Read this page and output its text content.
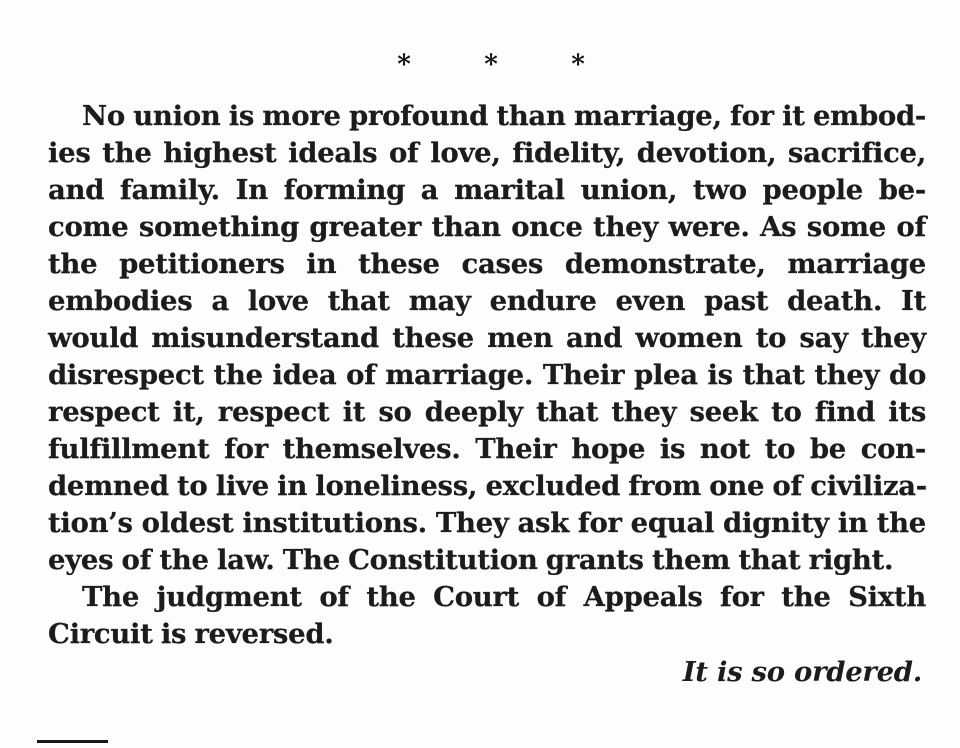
*	*	*
No union is more profound than marriage, for it embod-
ies the highest ideals of love, fidelity, devotion, sacrifice,
and family. In forming a marital union, two people be-
come something greater than once they were. As some of
the petitioners in these cases demonstrate, marriage
embodies a love that may endure even past death. It
would misunderstand these men and women to say they
disrespect the idea of marriage. Their plea is that they do
respect it, respect it so deeply that they seek to find its
fulfillment for themselves. Their hope is not to be con-
demned to live in loneliness, excluded from one of civiliza-
tion’s oldest institutions. They ask for equal dignity in the
eyes of the law. The Constitution grants them that right.
The judgment of the Court of Appeals for the Sixth
Circuit is reversed.
It is so ordered.
